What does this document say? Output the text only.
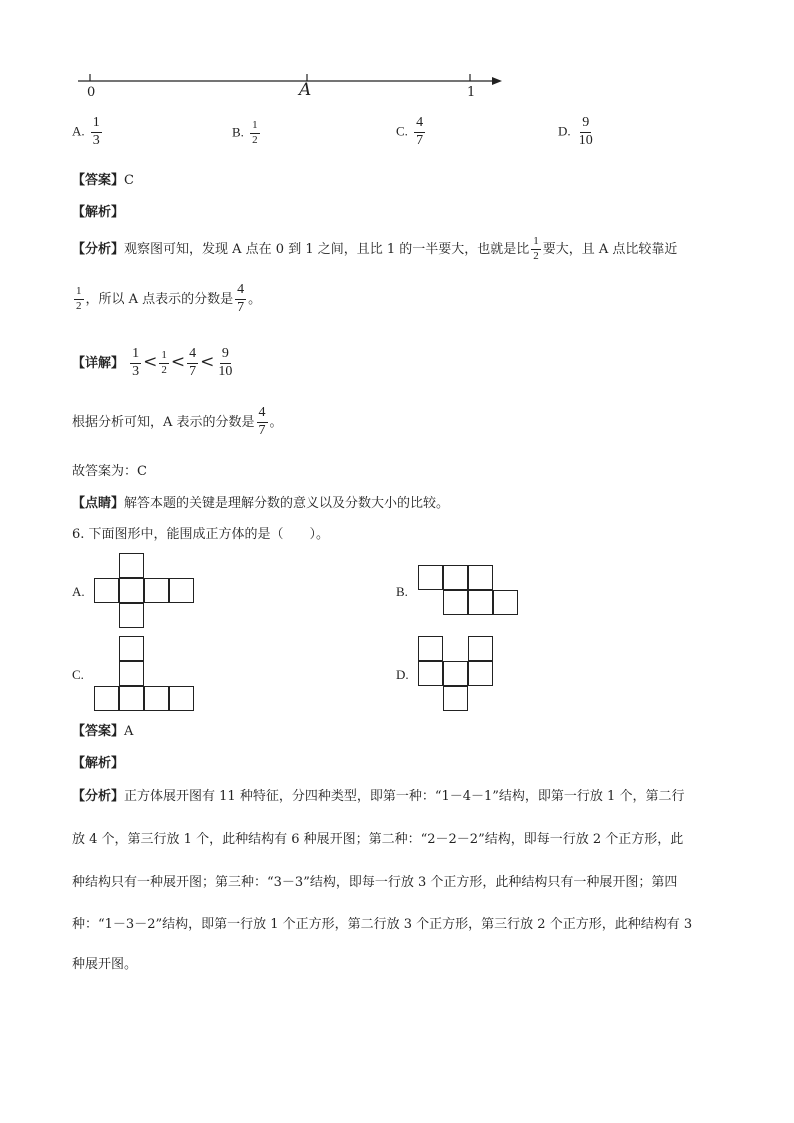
0	A	1
A. $\frac{1}{3}$	B. $\frac{1}{2}$	C. $\frac{4}{7}$	D. $\frac{9}{10}$
【答案】C
【解析】
【分析】观察图可知，发现 A 点在 0 到 1 之间，且比 1 的一半要大，也就是比 $\frac{1}{2}$ 要大，且 A 点比较靠近
$\frac{1}{2}$ ，所以 A 点表示的分数是 $\frac{4}{7}$ 。
【详解】 $\frac{1}{3} < \frac{1}{2} < \frac{4}{7} < \frac{9}{10}$
根据分析可知，A 表示的分数是 $\frac{4}{7}$ 。
故答案为：C
【点睛】解答本题的关键是理解分数的意义以及分数大小的比较。
6. 下面图形中，能围成正方体的是（　　）。
A.	B.
C.	D.
【答案】A
【解析】
【分析】正方体展开图有 11 种特征，分四种类型，即第一种：“1－4－1”结构，即第一行放 1 个，第二行
放 4 个，第三行放 1 个，此种结构有 6 种展开图；第二种：“2－2－2”结构，即每一行放 2 个正方形，此
种结构只有一种展开图；第三种：“3－3”结构，即每一行放 3 个正方形，此种结构只有一种展开图；第四
种：“1－3－2”结构，即第一行放 1 个正方形，第二行放 3 个正方形，第三行放 2 个正方形，此种结构有 3
种展开图。
